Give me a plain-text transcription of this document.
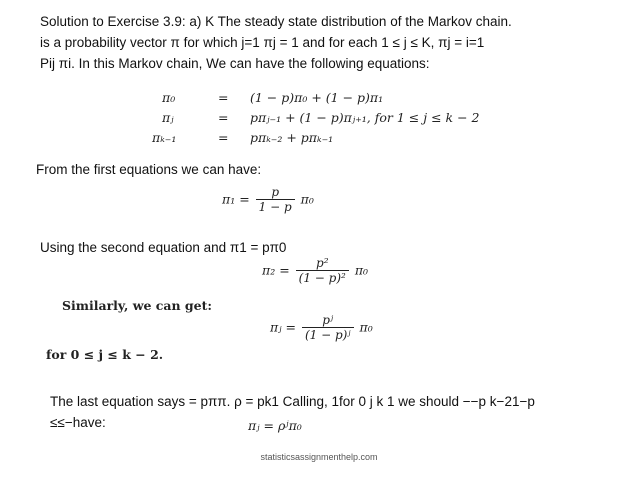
Solution to Exercise 3.9: a) K The steady state distribution of the Markov chain.
is a probability vector π for which j=1 πj = 1 and for each 1 ≤ j ≤ K, πj = i=1
Pij πi. In this Markov chain, We can have the following equations:
π₀	= (1 − p)π₀ + (1 − p)π₁
πⱼ	= pπⱼ₋₁ + (1 − p)πⱼ₊₁, for 1 ≤ j ≤ k − 2
πₖ₋₁	= pπₖ₋₂ + pπₖ₋₁
From the first equations we can have:
$\pi_1 = \frac{p}{1 - p} \pi_0$
Using the second equation and π1 = pπ0
$\pi_2 = \frac{\text{p²}}{\text{(1 − p)²}} \pi_0$
Similarly, we can get:
πⱼ = $\frac{\text{pʲ}}{\text{(1 − p)ʲ}} \pi_0$
for 0 ≤ j ≤ k − 2.
The last equation says = pππ. ρ = pk1 Calling, 1for 0 j k 1 we should −−p k−21−p
≤≤−have:	πⱼ = ρʲπ₀
statisticsassignmenthelp.com
